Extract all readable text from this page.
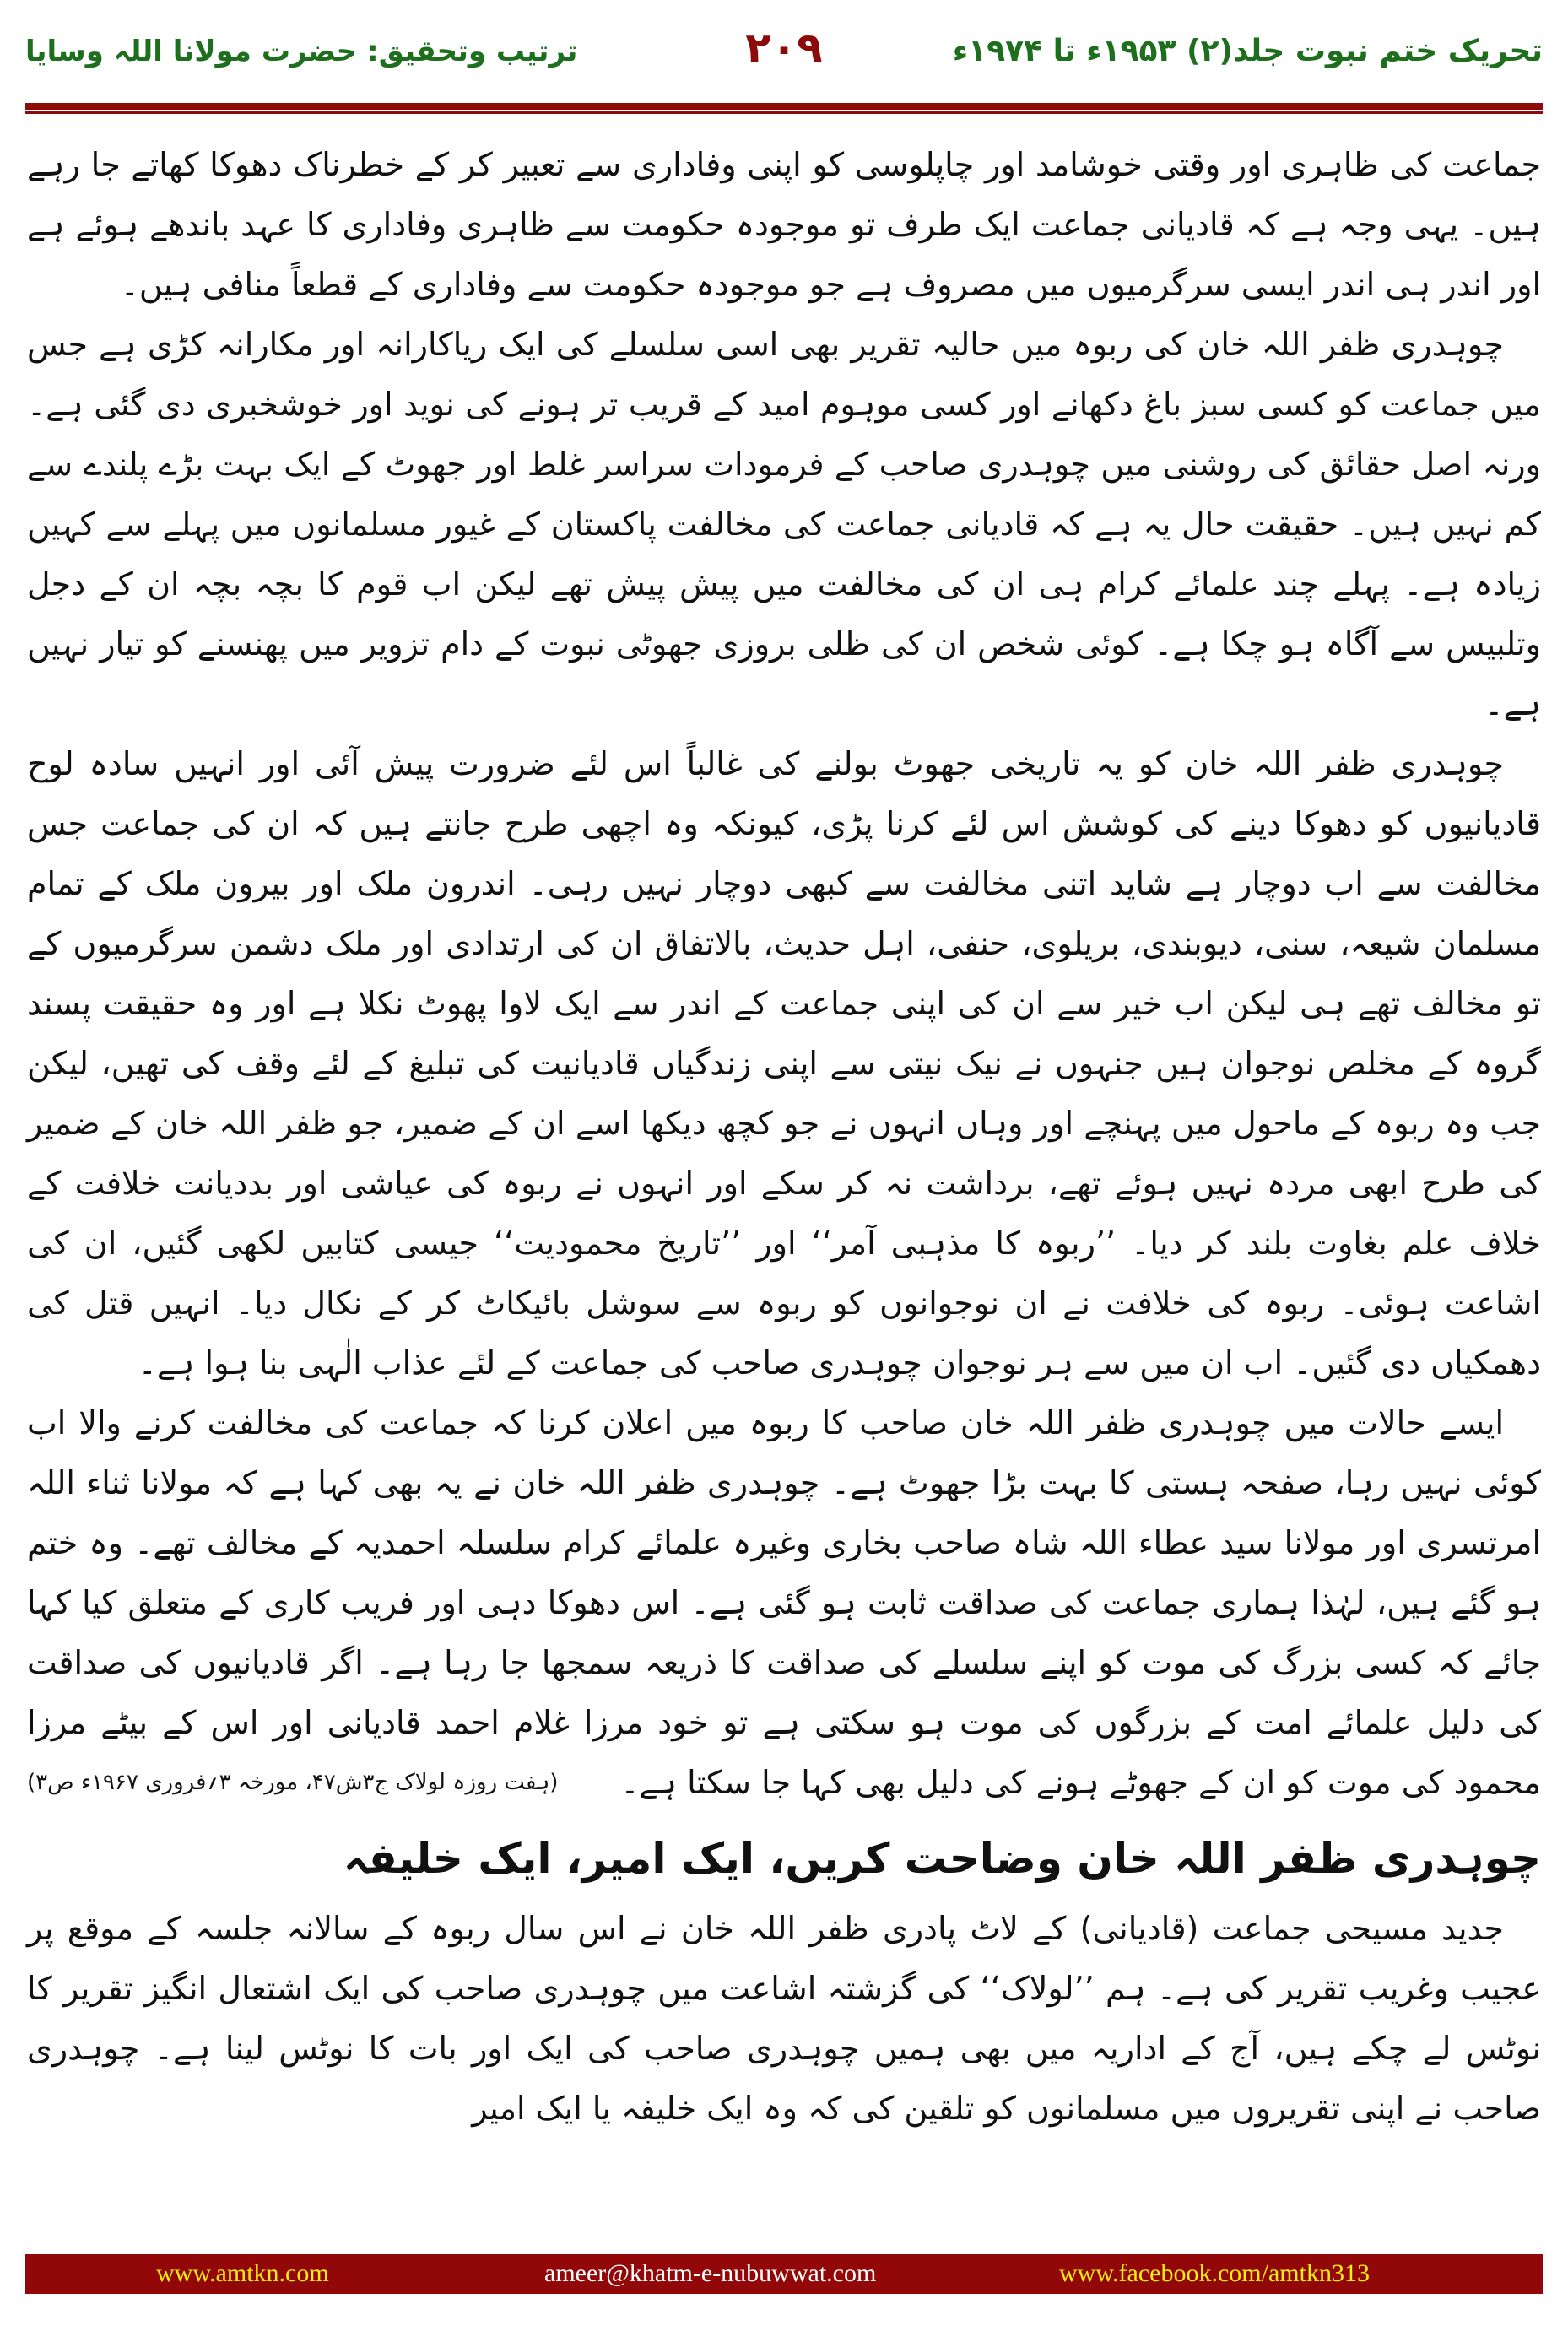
تحریک ختم نبوت جلد(۲) ۱۹۵۳ء تا ۱۹۷۴ء
۲۰۹
ترتیب وتحقیق: حضرت مولانا اللہ وسایا

جماعت کی ظاہری اور وقتی خوشامد اور چاپلوسی کو اپنی وفاداری سے تعبیر کر کے خطرناک دھوکا کھاتے جا رہے ہیں۔ یہی وجہ ہے کہ قادیانی جماعت ایک طرف تو موجودہ حکومت سے ظاہری وفاداری کا عہد باندھے ہوئے ہے اور اندر ہی اندر ایسی سرگرمیوں میں مصروف ہے جو موجودہ حکومت سے وفاداری کے قطعاً منافی ہیں۔

چوہدری ظفر اللہ خان کی ربوہ میں حالیہ تقریر بھی اسی سلسلے کی ایک ریاکارانہ اور مکارانہ کڑی ہے جس میں جماعت کو کسی سبز باغ دکھانے اور کسی موہوم امید کے قریب تر ہونے کی نوید اور خوشخبری دی گئی ہے۔ ورنہ اصل حقائق کی روشنی میں چوہدری صاحب کے فرمودات سراسر غلط اور جھوٹ کے ایک بہت بڑے پلندے سے کم نہیں ہیں۔ حقیقت حال یہ ہے کہ قادیانی جماعت کی مخالفت پاکستان کے غیور مسلمانوں میں پہلے سے کہیں زیادہ ہے۔ پہلے چند علمائے کرام ہی ان کی مخالفت میں پیش پیش تھے لیکن اب قوم کا بچہ بچہ ان کے دجل وتلبیس سے آگاہ ہو چکا ہے۔ کوئی شخص ان کی ظلی بروزی جھوٹی نبوت کے دام تزویر میں پھنسنے کو تیار نہیں ہے۔

چوہدری ظفر اللہ خان کو یہ تاریخی جھوٹ بولنے کی غالباً اس لئے ضرورت پیش آئی اور انہیں سادہ لوح قادیانیوں کو دھوکا دینے کی کوشش اس لئے کرنا پڑی، کیونکہ وہ اچھی طرح جانتے ہیں کہ ان کی جماعت جس مخالفت سے اب دوچار ہے شاید اتنی مخالفت سے کبھی دوچار نہیں رہی۔ اندرون ملک اور بیرون ملک کے تمام مسلمان شیعہ، سنی، دیوبندی، بریلوی، حنفی، اہل حدیث، بالاتفاق ان کی ارتدادی اور ملک دشمن سرگرمیوں کے تو مخالف تھے ہی لیکن اب خیر سے ان کی اپنی جماعت کے اندر سے ایک لاوا پھوٹ نکلا ہے اور وہ حقیقت پسند گروہ کے مخلص نوجوان ہیں جنہوں نے نیک نیتی سے اپنی زندگیاں قادیانیت کی تبلیغ کے لئے وقف کی تھیں، لیکن جب وہ ربوہ کے ماحول میں پہنچے اور وہاں انہوں نے جو کچھ دیکھا اسے ان کے ضمیر، جو ظفر اللہ خان کے ضمیر کی طرح ابھی مردہ نہیں ہوئے تھے، برداشت نہ کر سکے اور انہوں نے ربوہ کی عیاشی اور بددیانت خلافت کے خلاف علم بغاوت بلند کر دیا۔ ’’ربوہ کا مذہبی آمر‘‘ اور ’’تاریخ محمودیت‘‘ جیسی کتابیں لکھی گئیں، ان کی اشاعت ہوئی۔ ربوہ کی خلافت نے ان نوجوانوں کو ربوہ سے سوشل بائیکاٹ کر کے نکال دیا۔ انہیں قتل کی دھمکیاں دی گئیں۔ اب ان میں سے ہر نوجوان چوہدری صاحب کی جماعت کے لئے عذاب الٰہی بنا ہوا ہے۔

ایسے حالات میں چوہدری ظفر اللہ خان صاحب کا ربوہ میں اعلان کرنا کہ جماعت کی مخالفت کرنے والا اب کوئی نہیں رہا، صفحہ ہستی کا بہت بڑا جھوٹ ہے۔ چوہدری ظفر اللہ خان نے یہ بھی کہا ہے کہ مولانا ثناء اللہ امرتسری اور مولانا سید عطاء اللہ شاہ صاحب بخاری وغیرہ علمائے کرام سلسلہ احمدیہ کے مخالف تھے۔ وہ ختم ہو گئے ہیں، لہٰذا ہماری جماعت کی صداقت ثابت ہو گئی ہے۔ اس دھوکا دہی اور فریب کاری کے متعلق کیا کہا جائے کہ کسی بزرگ کی موت کو اپنے سلسلے کی صداقت کا ذریعہ سمجھا جا رہا ہے۔ اگر قادیانیوں کی صداقت کی دلیل علمائے امت کے بزرگوں کی موت ہو سکتی ہے تو خود مرزا غلام احمد قادیانی اور اس کے بیٹے مرزا محمود کی موت کو ان کے جھوٹے ہونے کی دلیل بھی کہا جا سکتا ہے۔

(ہفت روزہ لولاک ج۳ش۴۷، مورخہ ۳؍فروری ۱۹۶۷ء ص۳)
چوہدری ظفر اللہ خان وضاحت کریں، ایک امیر، ایک خلیفہ

جدید مسیحی جماعت (قادیانی) کے لاٹ پادری ظفر اللہ خان نے اس سال ربوہ کے سالانہ جلسہ کے موقع پر عجیب وغریب تقریر کی ہے۔ ہم ’’لولاک‘‘ کی گزشتہ اشاعت میں چوہدری صاحب کی ایک اشتعال انگیز تقریر کا نوٹس لے چکے ہیں، آج کے اداریہ میں بھی ہمیں چوہدری صاحب کی ایک اور بات کا نوٹس لینا ہے۔ چوہدری صاحب نے اپنی تقریروں میں مسلمانوں کو تلقین کی کہ وہ ایک خلیفہ یا ایک امیر

www.amtkn.com	ameer@khatm-e-nubuwwat.com	www.facebook.com/amtkn313
